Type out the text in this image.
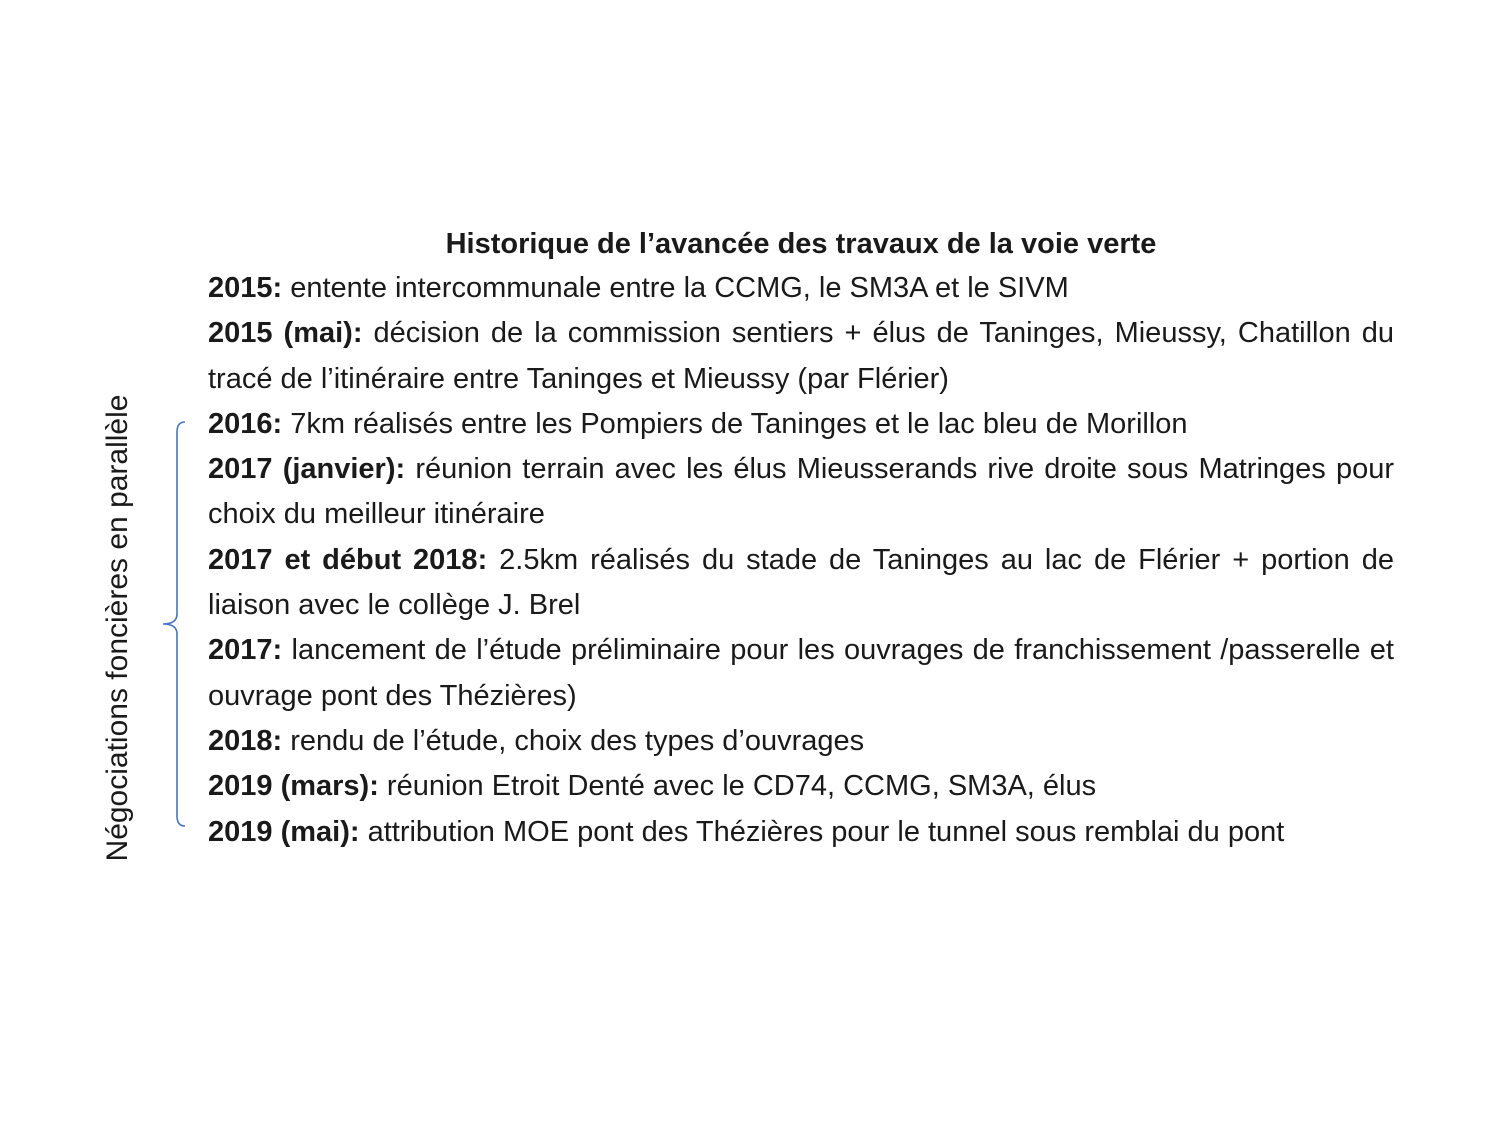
Historique de l’avancée des travaux de la voie verte
Négociations foncières en parallèle

2015: entente intercommunale entre la CCMG, le SM3A et le SIVM

2015 (mai): décision de la commission sentiers + élus de Taninges, Mieussy, Chatillon du tracé de l’itinéraire entre Taninges et Mieussy (par Flérier)

2016: 7km réalisés entre les Pompiers de Taninges et le lac bleu de Morillon

2017 (janvier): réunion terrain avec les élus Mieusserands rive droite sous Matringes pour choix du meilleur itinéraire

2017 et début 2018: 2.5km réalisés du stade de Taninges au lac de Flérier + portion de liaison avec le collège J. Brel

2017: lancement de l’étude préliminaire pour les ouvrages de franchissement /passerelle et ouvrage pont des Thézières)

2018: rendu de l’étude, choix des types d’ouvrages

2019 (mars): réunion Etroit Denté avec le CD74, CCMG, SM3A, élus

2019 (mai): attribution MOE pont des Thézières pour le tunnel sous remblai du pont
